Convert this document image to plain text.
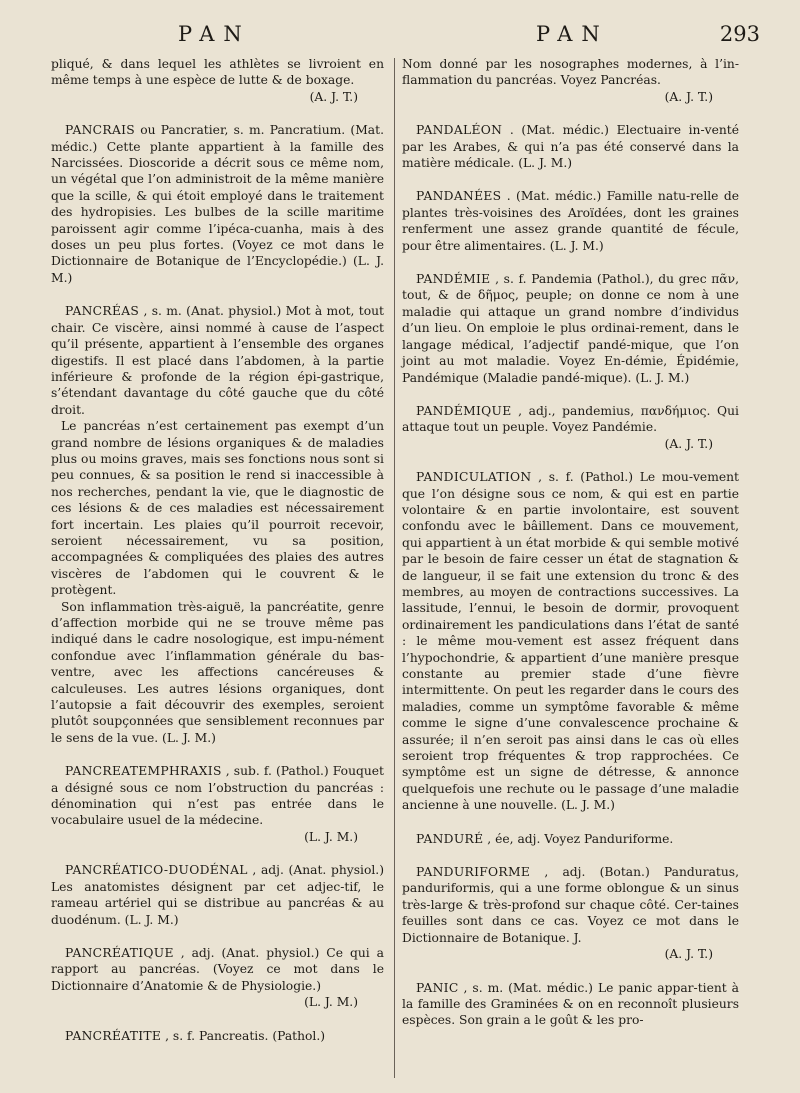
PAN	PAN	293

pliqué, & dans lequel les athlètes se livroient en même temps à une espèce de lutte & de boxage.
(A. J. T.)

PANCRAIS ou Pancratier, s. m. Pancratium. (Mat. médic.) Cette plante appartient à la famille des Narcissées. Dioscoride a décrit sous ce même nom, un végétal que l’on administroit de la même manière que la scille, & qui étoit employé dans le traitement des hydropisies. Les bulbes de la scille maritime paroissent agir comme l’ipéca-cuanha, mais à des doses un peu plus fortes. (Voyez ce mot dans le Dictionnaire de Botanique de l’Encyclopédie.) (L. J. M.)

PANCRÉAS , s. m. (Anat. physiol.) Mot à mot, tout chair. Ce viscère, ainsi nommé à cause de l’aspect qu’il présente, appartient à l’ensemble des organes digestifs. Il est placé dans l’abdomen, à la partie inférieure & profonde de la région épi-gastrique, s’étendant davantage du côté gauche que du côté droit.

Le pancréas n’est certainement pas exempt d’un grand nombre de lésions organiques & de maladies plus ou moins graves, mais ses fonctions nous sont si peu connues, & sa position le rend si inaccessible à nos recherches, pendant la vie, que le diagnostic de ces lésions & de ces maladies est nécessairement fort incertain. Les plaies qu’il pourroit recevoir, seroient nécessairement, vu sa position, accompagnées & compliquées des plaies des autres viscères de l’abdomen qui le couvrent & le protègent.

Son inflammation très-aiguë, la pancréatite, genre d’affection morbide qui ne se trouve même pas indiqué dans le cadre nosologique, est impu-nément confondue avec l’inflammation générale du bas-ventre, avec les affections cancéreuses & calculeuses. Les autres lésions organiques, dont l’autopsie a fait découvrir des exemples, seroient plutôt soupçonnées que sensiblement reconnues par le sens de la vue. (L. J. M.)

PANCREATEMPHRAXIS , sub. f. (Pathol.) Fouquet a désigné sous ce nom l’obstruction du pancréas : dénomination qui n’est pas entrée dans le vocabulaire usuel de la médecine.
(L. J. M.)

PANCRÉATICO-DUODÉNAL , adj. (Anat. physiol.) Les anatomistes désignent par cet adjec-tif, le rameau artériel qui se distribue au pancréas & au duodénum. (L. J. M.)

PANCRÉATIQUE , adj. (Anat. physiol.) Ce qui a rapport au pancréas. (Voyez ce mot dans le Dictionnaire d’Anatomie & de Physiologie.)
(L. J. M.)

PANCRÉATITE , s. f. Pancreatis. (Pathol.)

Nom donné par les nosographes modernes, à l’in-flammation du pancréas. Voyez Pancréas.
(A. J. T.)

PANDALÉON . (Mat. médic.) Electuaire in-venté par les Arabes, & qui n’a pas été conservé dans la matière médicale. (L. J. M.)

PANDANÉES . (Mat. médic.) Famille natu-relle de plantes très-voisines des Aroïdées, dont les graines renferment une assez grande quantité de fécule, pour être alimentaires. (L. J. M.)

PANDÉMIE , s. f. Pandemia (Pathol.), du grec πᾶν, tout, & de δῆμος, peuple; on donne ce nom à une maladie qui attaque un grand nombre d’individus d’un lieu. On emploie le plus ordinai-rement, dans le langage médical, l’adjectif pandé-mique, que l’on joint au mot maladie. Voyez En-démie, Épidémie, Pandémique (Maladie pandé-mique). (L. J. M.)

PANDÉMIQUE , adj., pandemius, πανδήμιος. Qui attaque tout un peuple. Voyez Pandémie.
(A. J. T.)

PANDICULATION , s. f. (Pathol.) Le mou-vement que l’on désigne sous ce nom, & qui est en partie volontaire & en partie involontaire, est souvent confondu avec le bâillement. Dans ce mouvement, qui appartient à un état morbide & qui semble motivé par le besoin de faire cesser un état de stagnation & de langueur, il se fait une extension du tronc & des membres, au moyen de contractions successives. La lassitude, l’ennui, le besoin de dormir, provoquent ordinairement les pandiculations dans l’état de santé : le même mou-vement est assez fréquent dans l’hypochondrie, & appartient d’une manière presque constante au premier stade d’une fièvre intermittente. On peut les regarder dans le cours des maladies, comme un symptôme favorable & même comme le signe d’une convalescence prochaine & assurée; il n’en seroit pas ainsi dans le cas où elles seroient trop fréquentes & trop rapprochées. Ce symptôme est un signe de détresse, & annonce quelquefois une rechute ou le passage d’une maladie ancienne à une nouvelle. (L. J. M.)

PANDURÉ , ée, adj. Voyez Panduriforme.

PANDURIFORME , adj. (Botan.) Panduratus, panduriformis, qui a une forme oblongue & un sinus très-large & très-profond sur chaque côté. Cer-taines feuilles sont dans ce cas. Voyez ce mot dans le Dictionnaire de Botanique. J.
(A. J. T.)

PANIC , s. m. (Mat. médic.) Le panic appar-tient à la famille des Graminées & on en reconnoît plusieurs espèces. Son grain a le goût & les pro-
